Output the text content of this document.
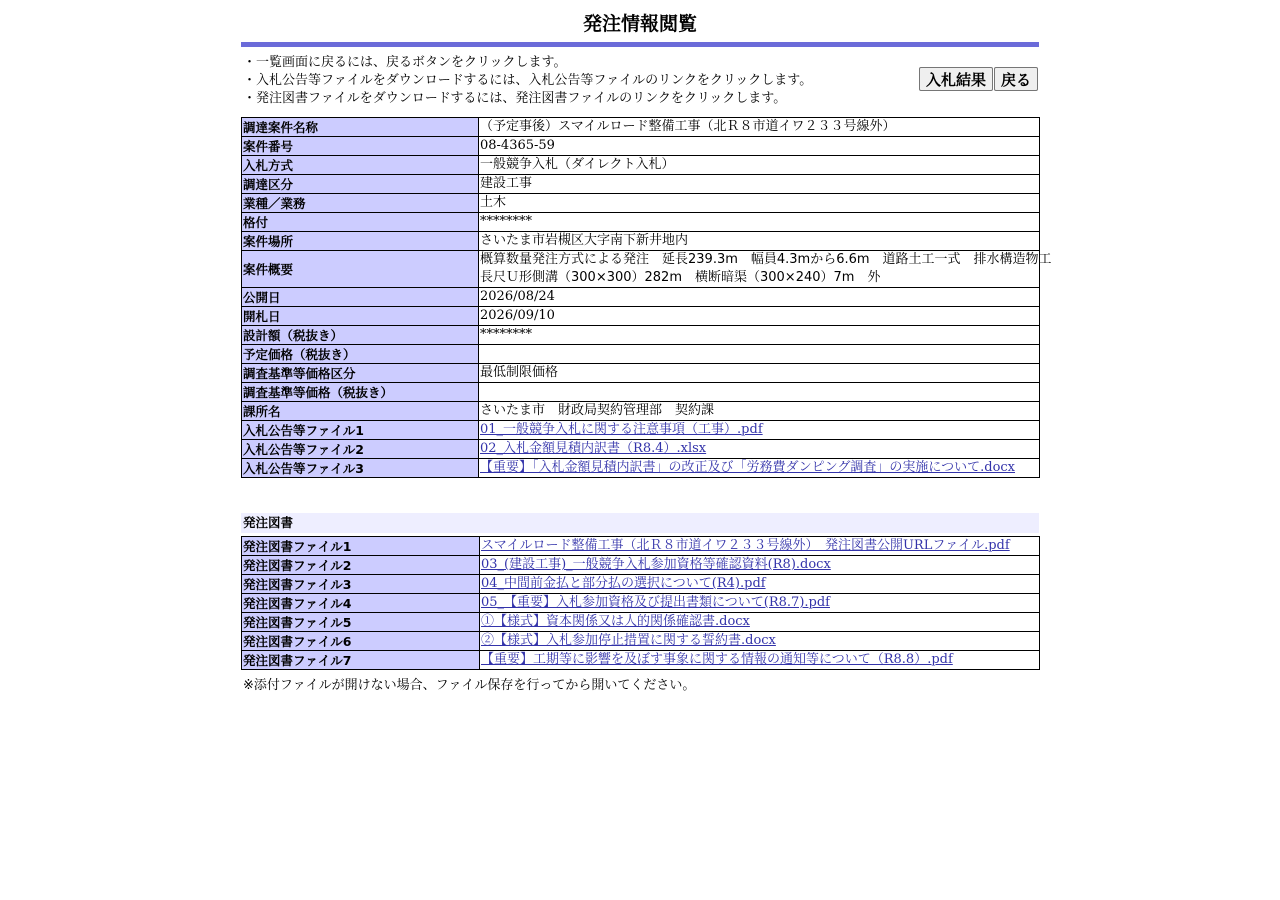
発注情報閲覧
・一覧画面に戻るには、戻るボタンをクリックします。
・入札公告等ファイルをダウンロードするには、入札公告等ファイルのリンクをクリックします。
・発注図書ファイルをダウンロードするには、発注図書ファイルのリンクをクリックします。
入札結果 戻る
調達案件名称	（予定事後）スマイルロード整備工事（北Ｒ８市道イワ２３３号線外）
案件番号	08-4365-59
入札方式	一般競争入札（ダイレクト入札）
調達区分	建設工事
業種／業務	土木
格付	********
案件場所	さいたま市岩槻区大字南下新井地内
案件概要	概算数量発注方式による発注　延長239.3m　幅員4.3mから6.6m　道路土工一式　排水構造物工
長尺Ｕ形側溝（300×300）282m　横断暗渠（300×240）7m　外

公開日	2026/08/24
開札日	2026/09/10
設計額（税抜き）	********
予定価格（税抜き）	
調査基準等価格区分	最低制限価格
調査基準等価格（税抜き）	
課所名	さいたま市　財政局契約管理部　契約課
入札公告等ファイル1	01_一般競争入札に関する注意事項（工事）.pdf
入札公告等ファイル2	02_入札金額見積内訳書（R8.4）.xlsx
入札公告等ファイル3	【重要】「入札金額見積内訳書」の改正及び「労務費ダンピング調査」の実施について.docx
発注図書
発注図書ファイル1	スマイルロード整備工事（北Ｒ８市道イワ２３３号線外）　発注図書公開URLファイル.pdf
発注図書ファイル2	03_(建設工事)_一般競争入札参加資格等確認資料(R8).docx
発注図書ファイル3	04_中間前金払と部分払の選択について(R4).pdf
発注図書ファイル4	05_【重要】入札参加資格及び提出書類について(R8.7).pdf
発注図書ファイル5	①【様式】資本関係又は人的関係確認書.docx
発注図書ファイル6	②【様式】入札参加停止措置に関する誓約書.docx
発注図書ファイル7	【重要】工期等に影響を及ぼす事象に関する情報の通知等について（R8.8）.pdf
※添付ファイルが開けない場合、ファイル保存を行ってから開いてください。
